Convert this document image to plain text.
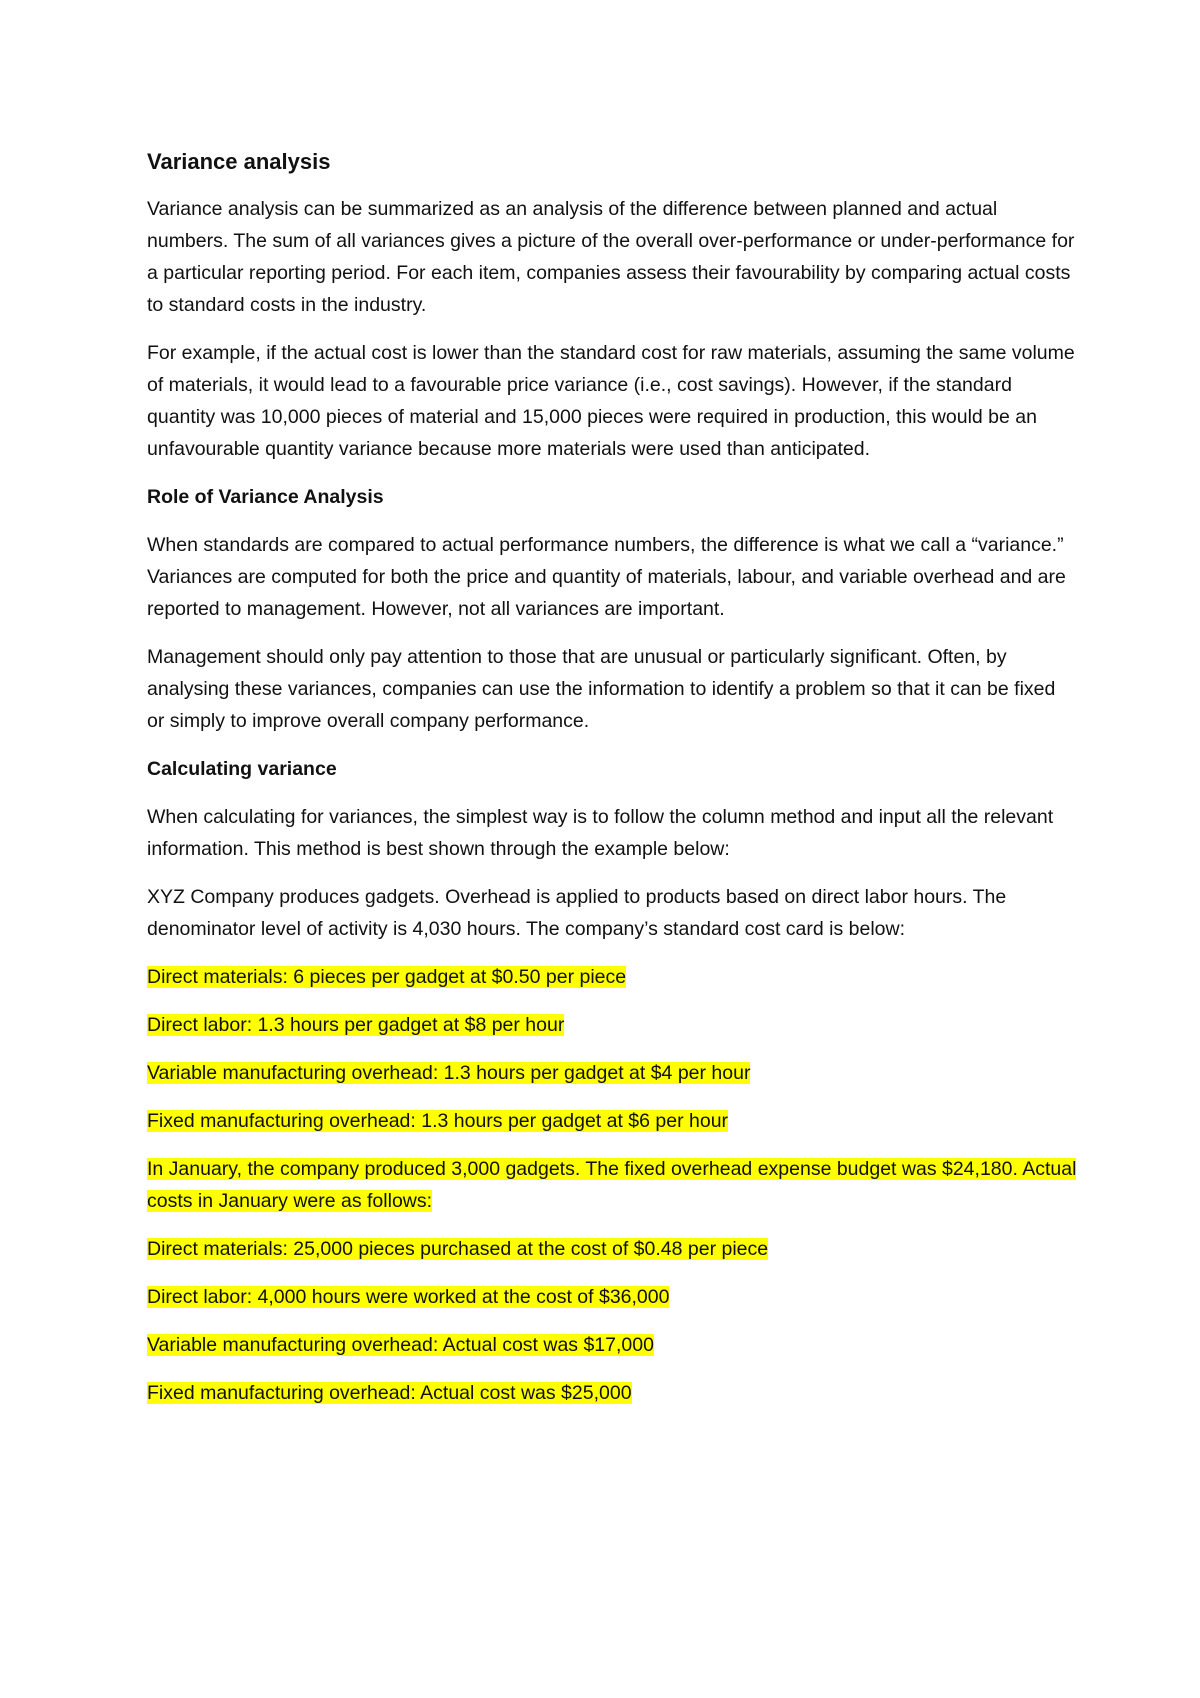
Variance analysis

Variance analysis can be summarized as an analysis of the difference between planned and actual numbers. The sum of all variances gives a picture of the overall over-performance or under-performance for a particular reporting period. For each item, companies assess their favourability by comparing actual costs to standard costs in the industry.

For example, if the actual cost is lower than the standard cost for raw materials, assuming the same volume of materials, it would lead to a favourable price variance (i.e., cost savings). However, if the standard quantity was 10,000 pieces of material and 15,000 pieces were required in production, this would be an unfavourable quantity variance because more materials were used than anticipated.

Role of Variance Analysis

When standards are compared to actual performance numbers, the difference is what we call a “variance.” Variances are computed for both the price and quantity of materials, labour, and variable overhead and are reported to management. However, not all variances are important.

Management should only pay attention to those that are unusual or particularly significant. Often, by analysing these variances, companies can use the information to identify a problem so that it can be fixed or simply to improve overall company performance.

Calculating variance

When calculating for variances, the simplest way is to follow the column method and input all the relevant information. This method is best shown through the example below:

XYZ Company produces gadgets. Overhead is applied to products based on direct labor hours. The denominator level of activity is 4,030 hours. The company’s standard cost card is below:

Direct materials: 6 pieces per gadget at $0.50 per piece
Direct labor: 1.3 hours per gadget at $8 per hour
Variable manufacturing overhead: 1.3 hours per gadget at $4 per hour
Fixed manufacturing overhead: 1.3 hours per gadget at $6 per hour
In January, the company produced 3,000 gadgets. The fixed overhead expense budget was $24,180. Actual costs in January were as follows:
Direct materials: 25,000 pieces purchased at the cost of $0.48 per piece
Direct labor: 4,000 hours were worked at the cost of $36,000
Variable manufacturing overhead: Actual cost was $17,000
Fixed manufacturing overhead: Actual cost was $25,000
